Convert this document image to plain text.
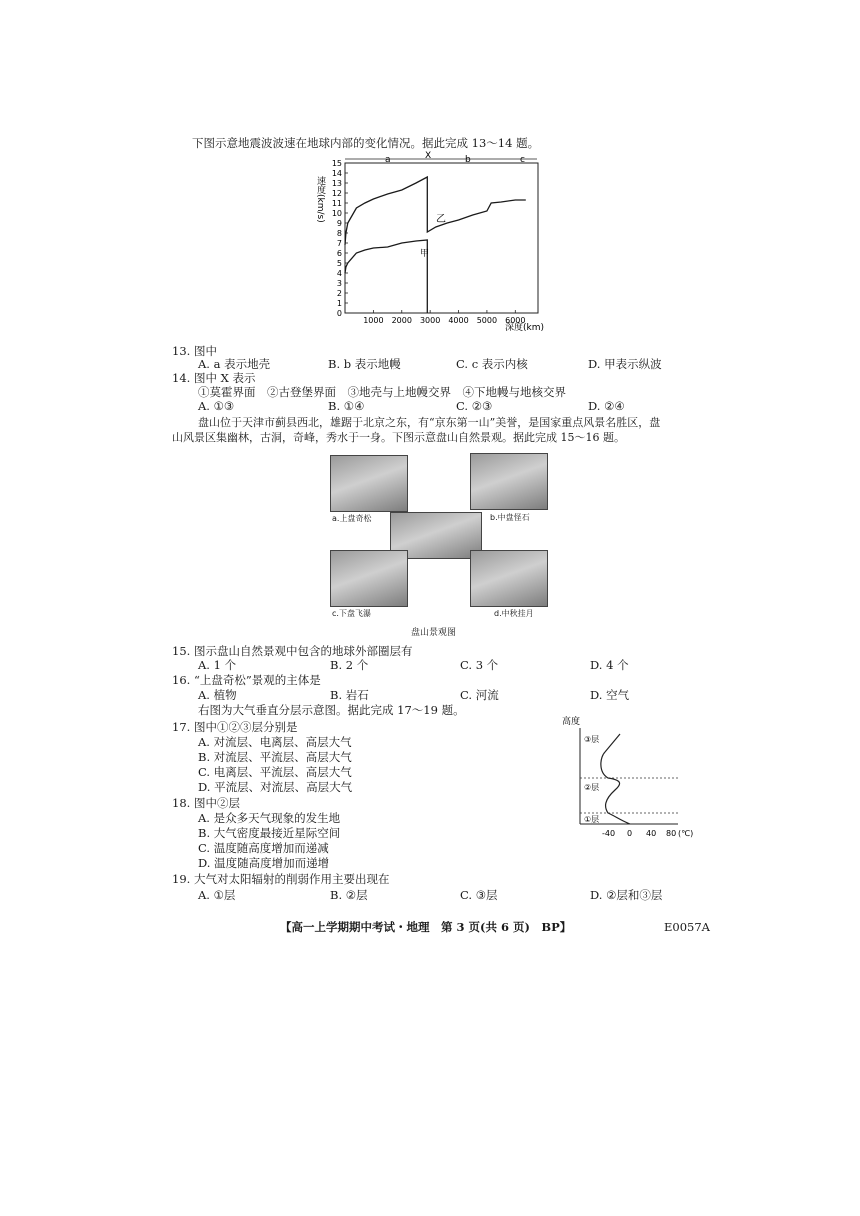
下图示意地震波波速在地球内部的变化情况。据此完成 13～14 题。
速度(km/s)
X
a	b	c
0
1
2
3
4
5
6
7
8
9
10
11
12
13
14
15
1000 2000 3000 4000 5000 6000
乙
甲
深度(km)
13. 图中
A. a 表示地壳	B. b 表示地幔	C. c 表示内核	D. 甲表示纵波
14. 图中 X 表示
①莫霍界面　②古登堡界面　③地壳与上地幔交界　④下地幔与地核交界
A. ①③	B. ①④	C. ②③	D. ②④
盘山位于天津市蓟县西北，雄踞于北京之东，有“京东第一山”美誉，是国家重点风景名胜区，盘
山风景区集幽林，古洞，奇峰，秀水于一身。下图示意盘山自然景观。据此完成 15～16 题。
a.上盘奇松	b.中盘怪石
c.下盘飞瀑	d.中秋挂月
盘山景观图
15. 图示盘山自然景观中包含的地球外部圈层有
A. 1 个	B. 2 个	C. 3 个	D. 4 个
16. “上盘奇松”景观的主体是
A. 植物	B. 岩石	C. 河流	D. 空气
右图为大气垂直分层示意图。据此完成 17～19 题。
17. 图中①②③层分别是
A. 对流层、电离层、高层大气
B. 对流层、平流层、高层大气
C. 电离层、平流层、高层大气
D. 平流层、对流层、高层大气
18. 图中②层
A. 是众多天气现象的发生地
B. 大气密度最接近星际空间
C. 温度随高度增加而递减
D. 温度随高度增加而递增
高度
③层
②层
①层
-40 0 40 80 (℃)
19. 大气对太阳辐射的削弱作用主要出现在
A. ①层	B. ②层	C. ③层	D. ②层和③层
【高一上学期期中考试・地理　第 3 页(共 6 页)　BP】	E0057A
